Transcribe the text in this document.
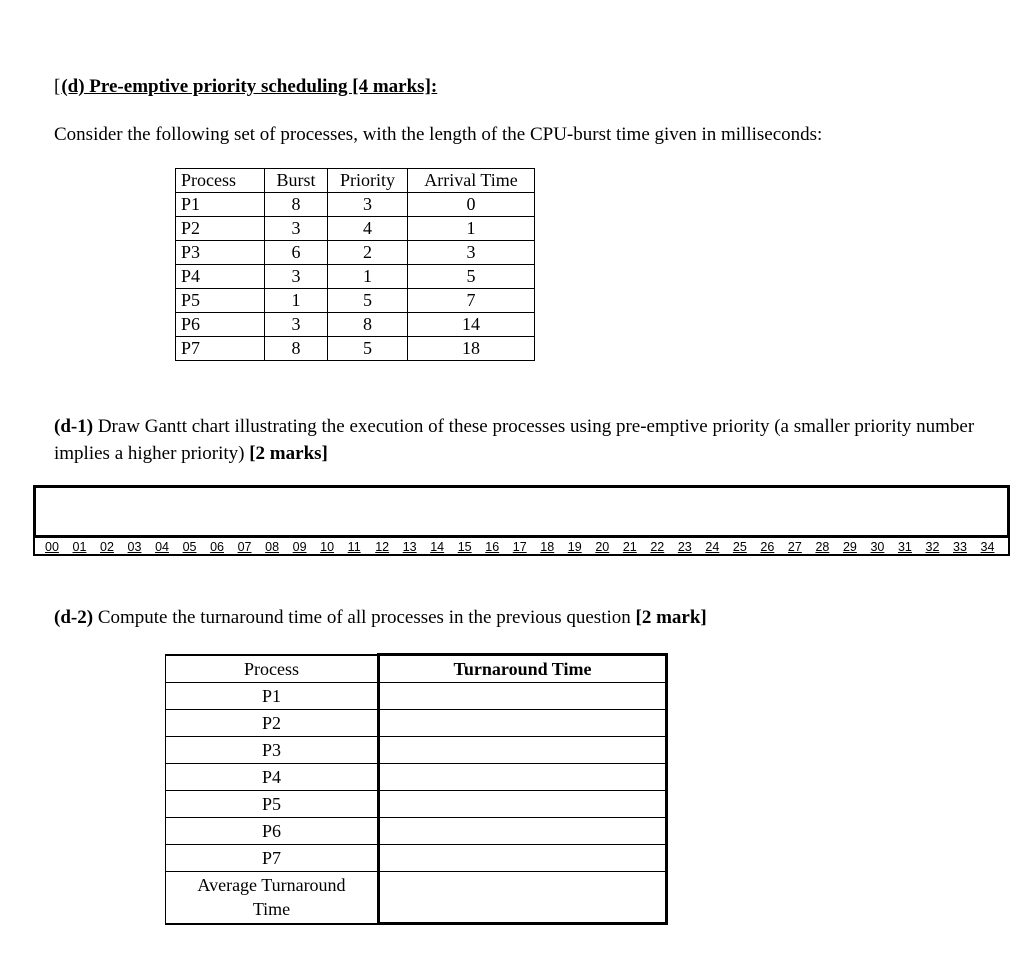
[(d) Pre-emptive priority scheduling [4 marks]:
Consider the following set of processes, with the length of the CPU-burst time given in milliseconds:
Process	Burst	Priority	Arrival Time
P1	8	3	0
P2	3	4	1
P3	6	2	3
P4	3	1	5
P5	1	5	7
P6	3	8	14
P7	8	5	18
(d-1) Draw Gantt chart illustrating the execution of these processes using pre-emptive priority (a smaller priority number implies a higher priority) [2 marks]
00	01	02	03	04	05	06	07	08	09	10	11	12	13	14	15	16	17	18	19	20	21	22	23	24	25	26	27	28	29	30	31	32	33	34
(d-2) Compute the turnaround time of all processes in the previous question [2 mark]
Process	Turnaround Time
P1	
P2	
P3	
P4	
P5	
P6	
P7	
Average Turnaround
Time	
